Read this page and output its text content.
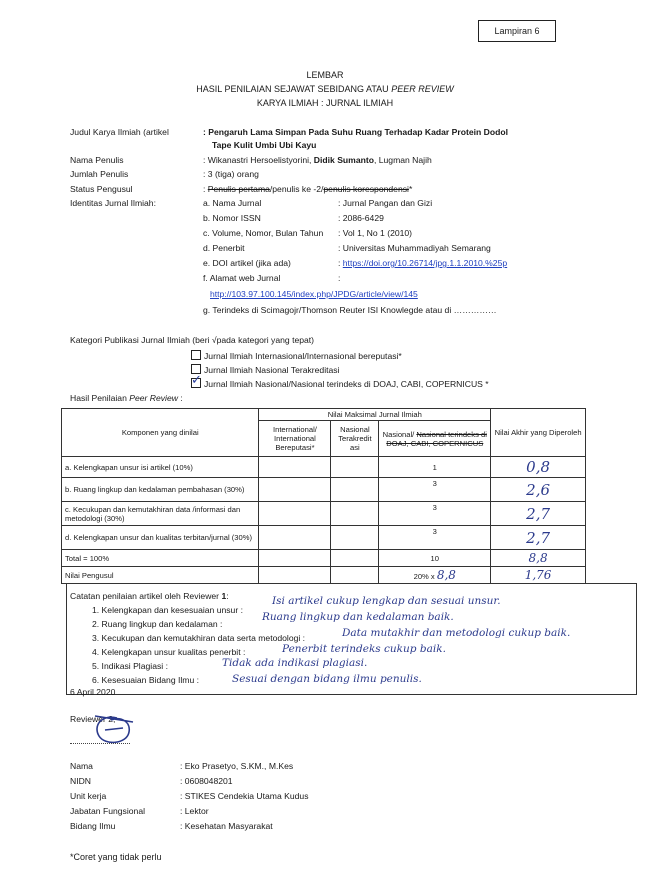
Lampiran 6
LEMBAR
HASIL PENILAIAN SEJAWAT SEBIDANG ATAU PEER REVIEW
KARYA ILMIAH : JURNAL ILMIAH
Judul Karya Ilmiah (artikel	: Pengaruh Lama Simpan Pada Suhu Ruang Terhadap Kadar Protein Dodol
Tape Kulit Umbi Ubi Kayu
Nama Penulis	: Wikanastri Hersoelistyorini, Didik Sumanto, Lugman Najih
Jumlah Penulis	: 3 (tiga) orang
Status Pengusul	: Penulis pertama/penulis ke -2/penulis korespondensi*
Identitas Jurnal Ilmiah:	a. Nama Jurnal	: Jurnal Pangan dan Gizi
b. Nomor ISSN	: 2086-6429
c. Volume, Nomor, Bulan Tahun : Vol 1, No 1 (2010)
d. Penerbit	: Universitas Muhammadiyah Semarang
e. DOI artikel (jika ada)	: https://doi.org/10.26714/jpg.1.1.2010.%25p
f. Alamat web Jurnal	:
http://103.97.100.145/index.php/JPDG/article/view/145
g. Terindeks di Scimagojr/Thomson Reuter ISI Knowlegde atau di ……………
Kategori Publikasi Jurnal Ilmiah (beri √pada kategori yang tepat)
Jurnal Ilmiah Internasional/Internasional bereputasi*
Jurnal Ilmiah Nasional Terakreditasi
✓Jurnal Ilmiah Nasional/Nasional terindeks di DOAJ, CABI, COPERNICUS *
Hasil Penilaian Peer Review :
Komponen yang dinilai	Nilai Maksimal Jurnal Ilmiah			Nilai Akhir yang Diperoleh
	International/ International Bereputasi*	Nasional Terakredit asi	Nasional/ Nasional terindeks di DOAJ, CABI, COPERNICUS	
a. Kelengkapan unsur isi artikel (10%)			1	0,8
b. Ruang lingkup dan kedalaman pembahasan (30%)			3	2,6
c. Kecukupan dan kemutakhiran data /informasi dan metodologi (30%)			3	2,7
d. Kelengkapan unsur dan kualitas terbitan/jurnal (30%)			3	2,7
Total = 100%			10	8,8
Nilai Pengusul			20% x 8,8	1,76
Catatan penilaian artikel oleh Reviewer 1:
1. Kelengkapan dan kesesuaian unsur :
Isi artikel cukup lengkap dan sesuai unsur.
2. Ruang lingkup dan kedalaman :
Ruang lingkup dan kedalaman baik.
3. Kecukupan dan kemutakhiran data serta metodologi :	Data mutakhir dan metodologi cukup baik.
4. Kelengkapan unsur kualitas penerbit :	Penerbit terindeks cukup baik.
5. Indikasi Plagiasi :	Tidak ada indikasi plagiasi.
6. Kesesuaian Bidang Ilmu :	Sesuai dengan bidang ilmu penulis.
6 April 2020
Reviewer 2,
Nama	: Eko Prasetyo, S.KM., M.Kes
NIDN	: 0608048201
Unit kerja	: STIKES Cendekia Utama Kudus
Jabatan Fungsional	: Lektor
Bidang Ilmu	: Kesehatan Masyarakat
*Coret yang tidak perlu
